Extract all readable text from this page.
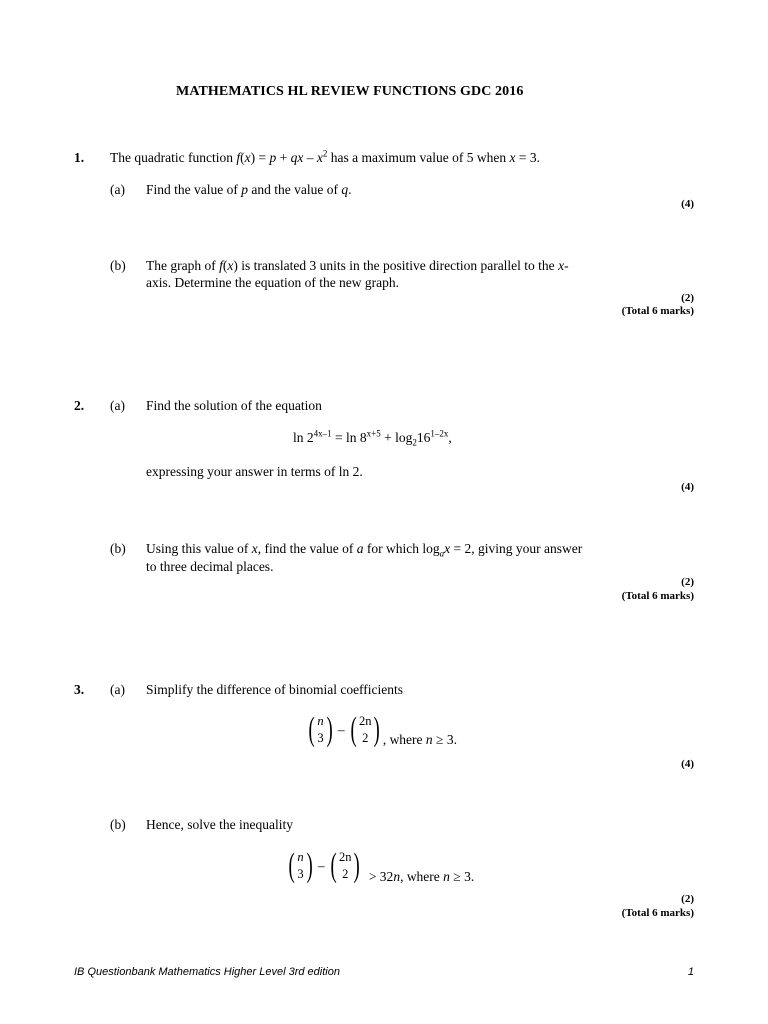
MATHEMATICS HL REVIEW FUNCTIONS GDC 2016
1. The quadratic function f(x) = p + qx – $x^2$ has a maximum value of 5 when x = 3.
(a) Find the value of p and the value of q.
(4)
(b) The graph of f(x) is translated 3 units in the positive direction parallel to the x-
axis. Determine the equation of the new graph.
(2)
(Total 6 marks)
2. (a) Find the solution of the equation
$\ln 2^{4x-1} = \ln 8^{x+5} + \log_216^{1-2x}$,
expressing your answer in terms of ln 2.
(4)
(b) Using this value of x, find the value of a for which $\log_ax = 2$, giving your answer
to three decimal places.
(2)
(Total 6 marks)
3. (a) Simplify the difference of binomial coefficients
( n
3 ) – ( 2n
2 ) , where n ≥ 3.
(4)
(b) Hence, solve the inequality
( n
3 ) – ( 2n
2 ) > 32n, where n ≥ 3.
(2)
(Total 6 marks)
IB Questionbank Mathematics Higher Level 3rd edition	1
